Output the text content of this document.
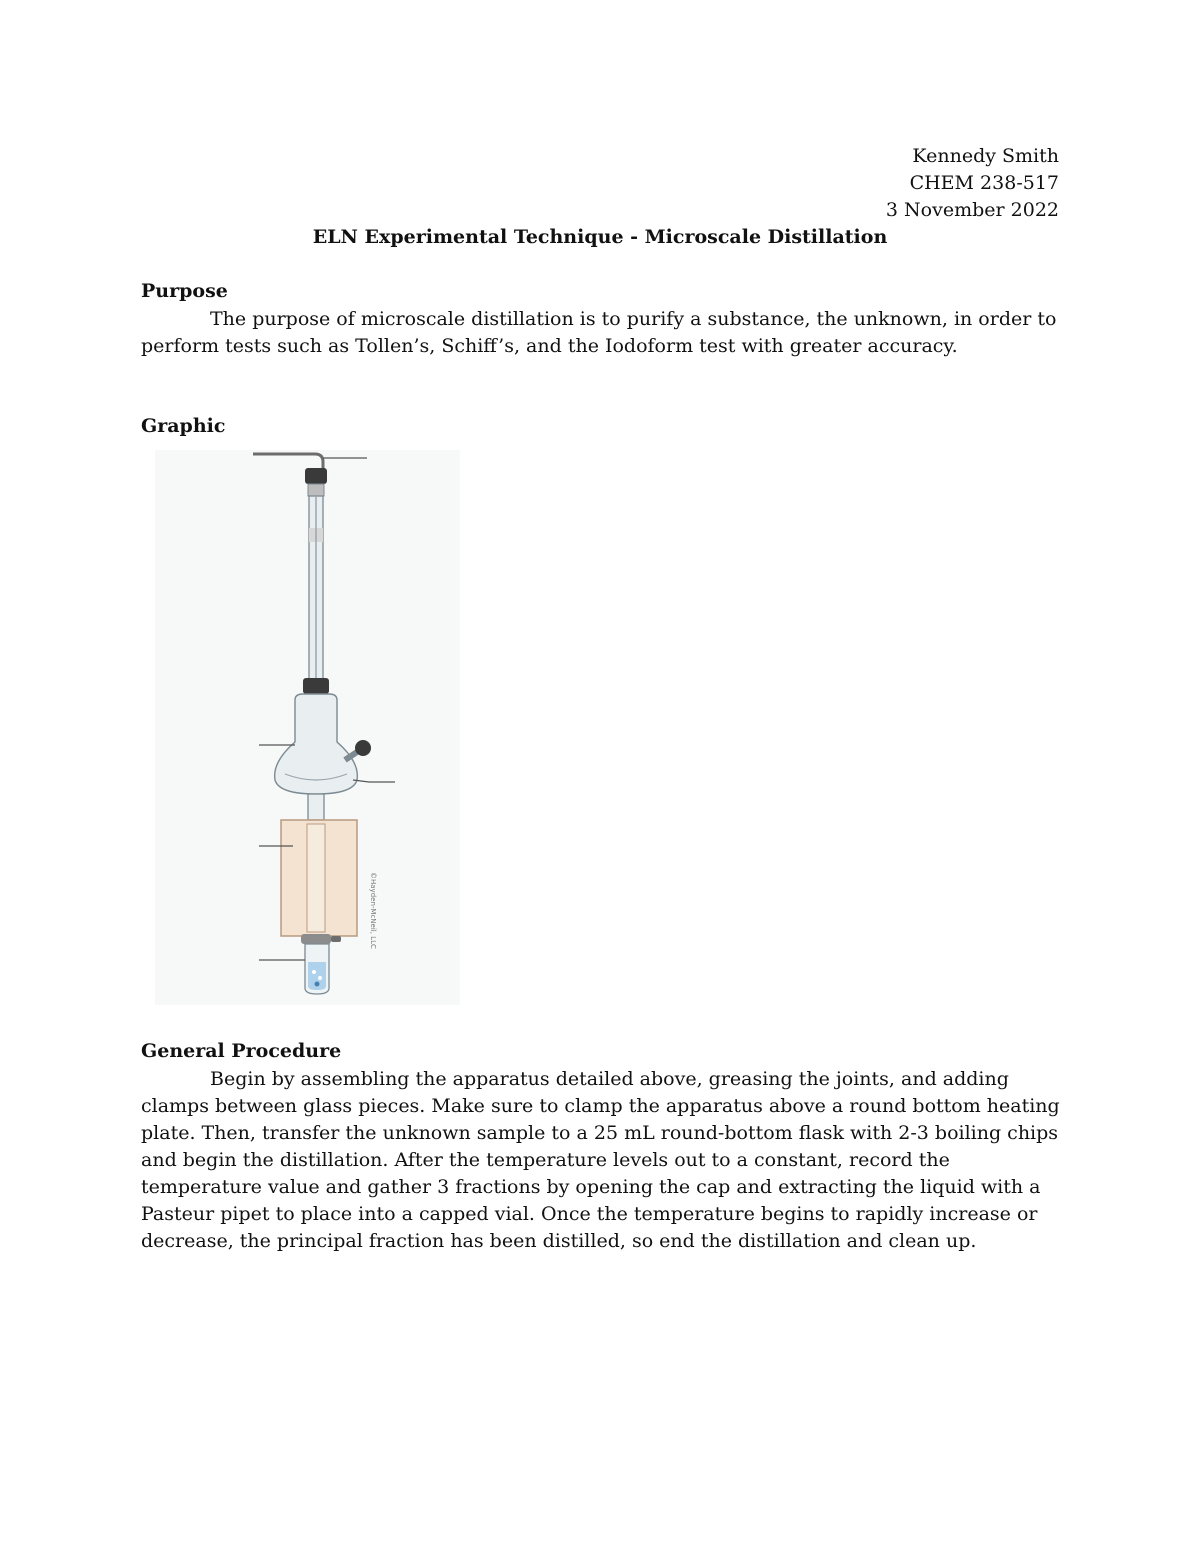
Kennedy Smith
CHEM 238-517
3 November 2022
ELN Experimental Technique - Microscale Distillation
Purpose

The purpose of microscale distillation is to purify a substance, the unknown, in order to perform tests such as Tollen’s, Schiff’s, and the Iodoform test with greater accuracy.

Graphic
©Hayden-McNeil, LLC
General Procedure

Begin by assembling the apparatus detailed above, greasing the joints, and adding clamps between glass pieces. Make sure to clamp the apparatus above a round bottom heating plate. Then, transfer the unknown sample to a 25 mL round-bottom flask with 2-3 boiling chips and begin the distillation. After the temperature levels out to a constant, record the temperature value and gather 3 fractions by opening the cap and extracting the liquid with a Pasteur pipet to place into a capped vial. Once the temperature begins to rapidly increase or decrease, the principal fraction has been distilled, so end the distillation and clean up.
